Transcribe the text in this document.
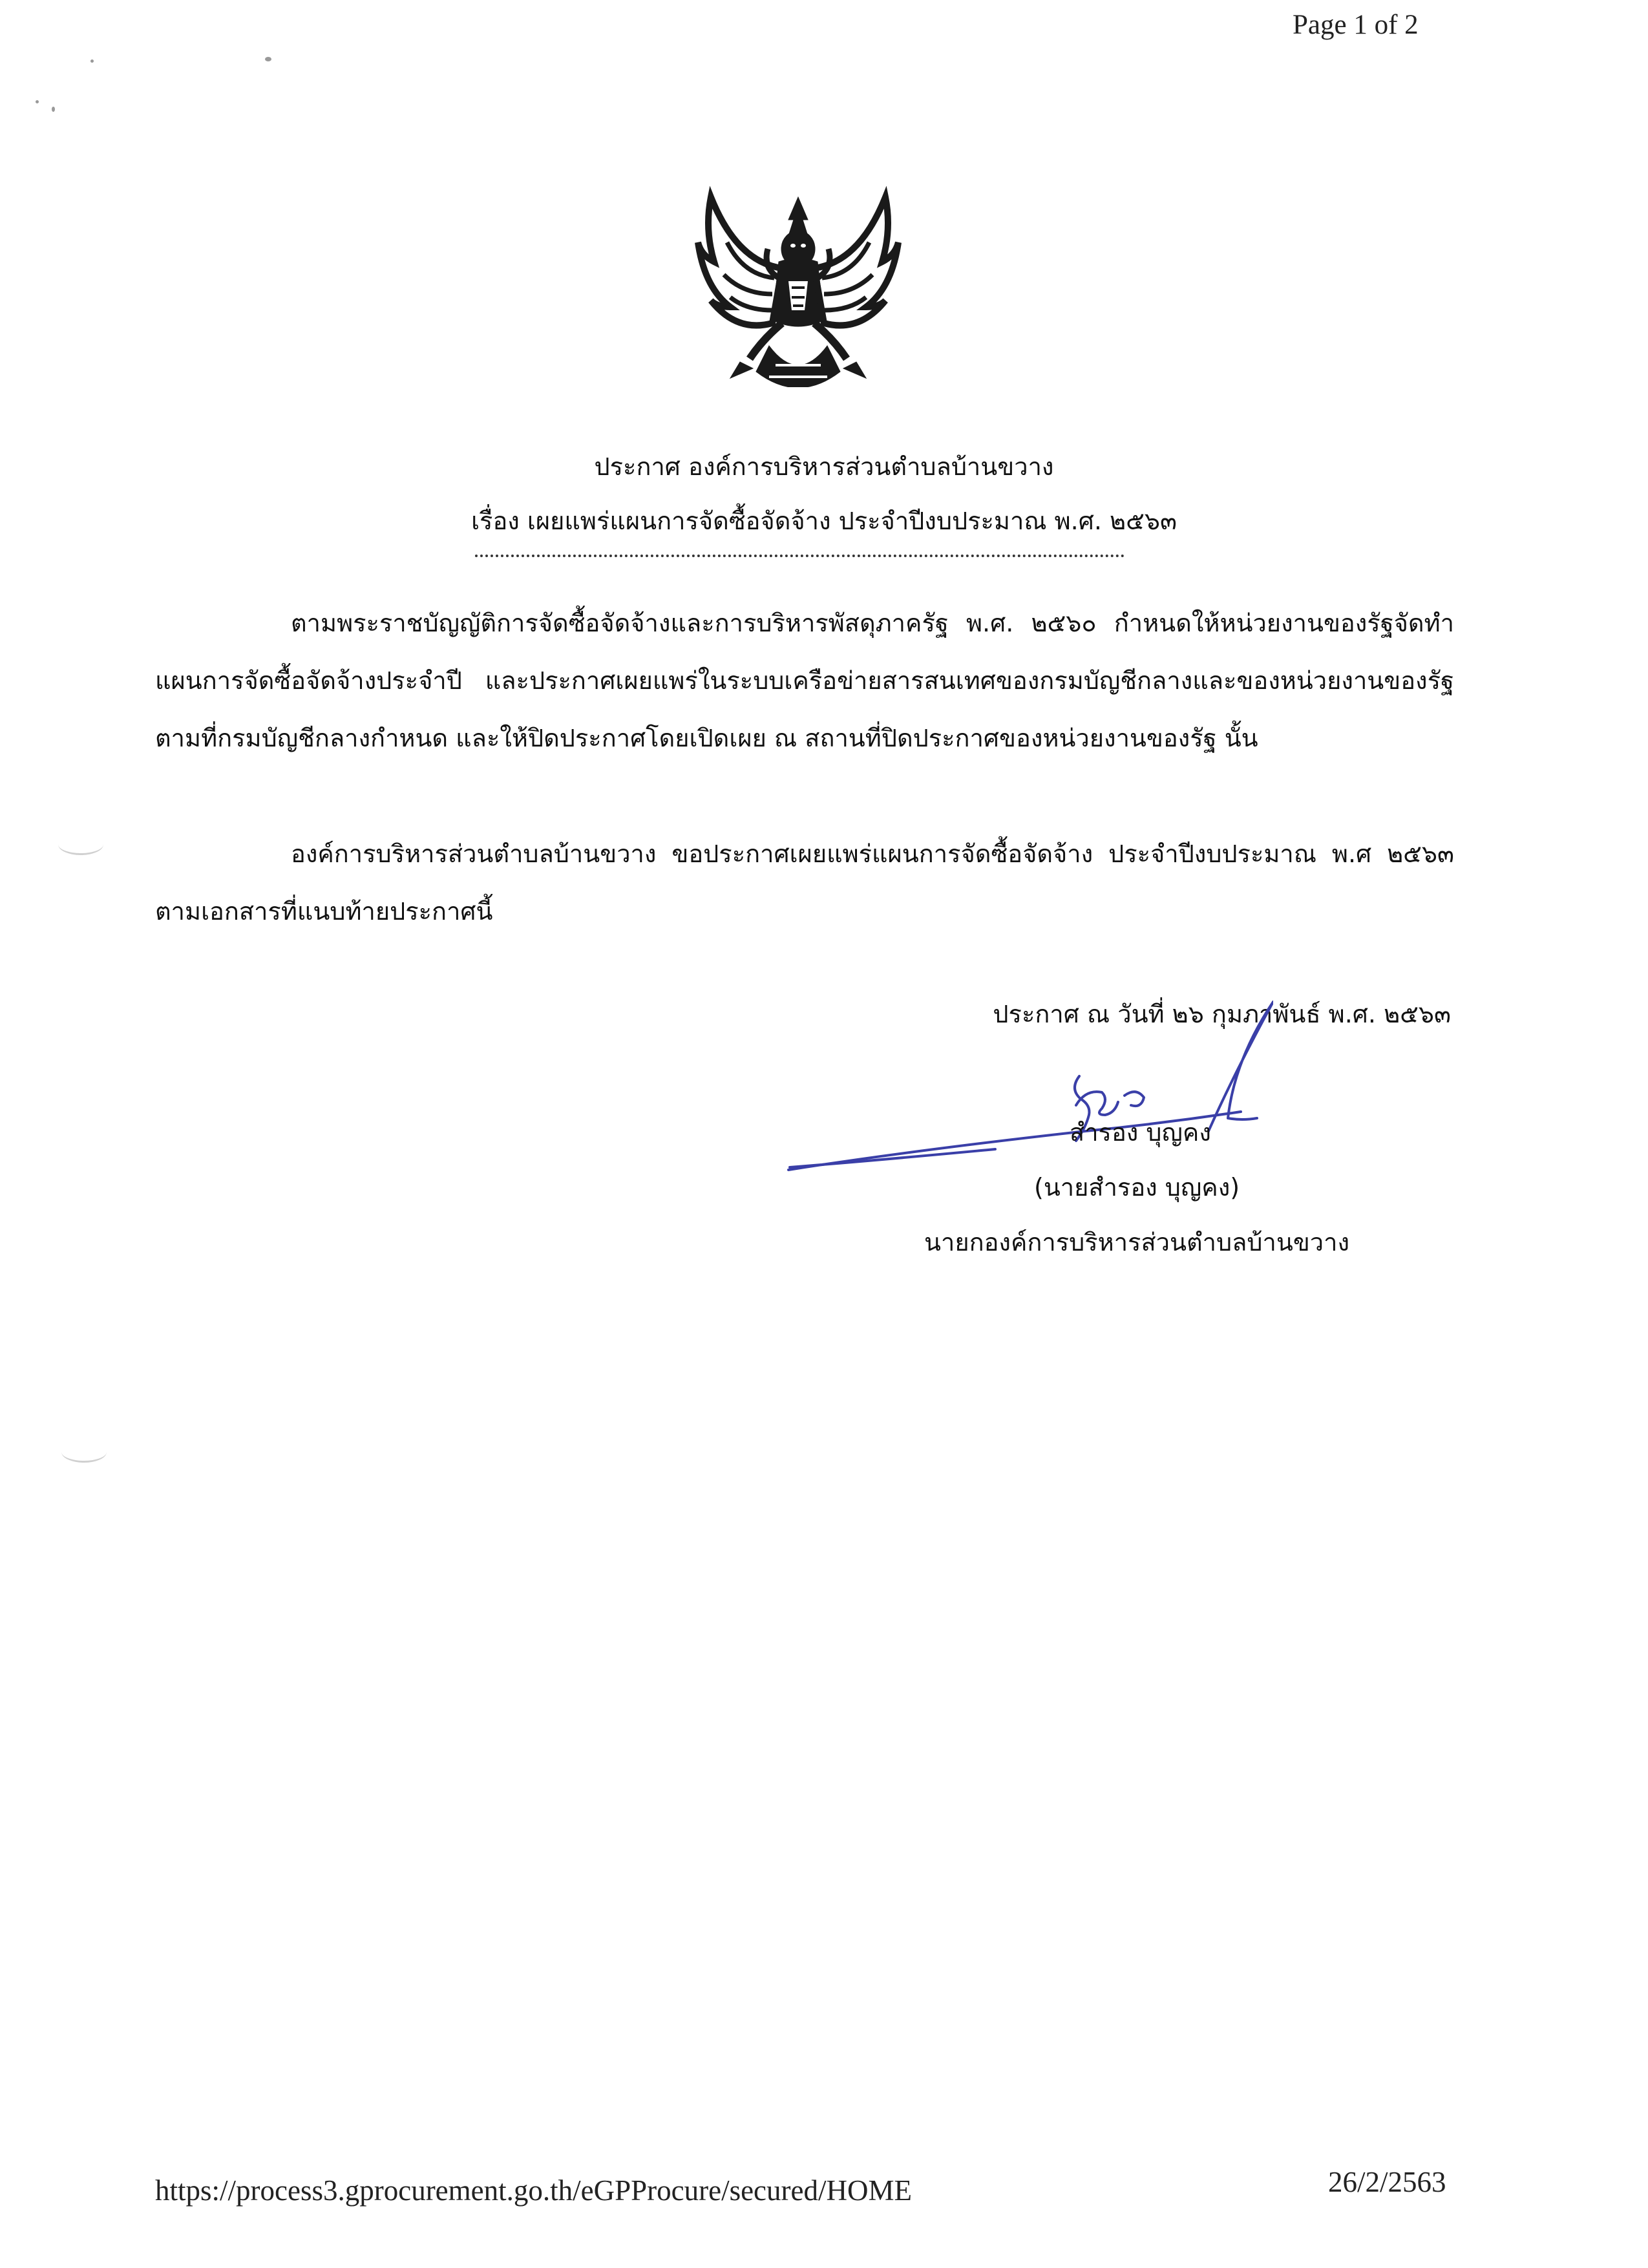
Page 1 of 2
ประกาศ องค์การบริหารส่วนตำบลบ้านขวาง
เรื่อง เผยแพร่แผนการจัดซื้อจัดจ้าง ประจำปีงบประมาณ พ.ศ. ๒๕๖๓
ตามพระราชบัญญัติการจัดซื้อจัดจ้างและการบริหารพัสดุภาครัฐ พ.ศ. ๒๕๖๐ กำหนดให้หน่วยงานของรัฐจัดทำแผนการจัดซื้อจัดจ้างประจำปี และประกาศเผยแพร่ในระบบเครือข่ายสารสนเทศของกรมบัญชีกลางและของหน่วยงานของรัฐตามที่กรมบัญชีกลางกำหนด และให้ปิดประกาศโดยเปิดเผย ณ สถานที่ปิดประกาศของหน่วยงานของรัฐ นั้น
องค์การบริหารส่วนตำบลบ้านขวาง ขอประกาศเผยแพร่แผนการจัดซื้อจัดจ้าง ประจำปีงบประมาณ พ.ศ ๒๕๖๓ ตามเอกสารที่แนบท้ายประกาศนี้
ประกาศ ณ วันที่ ๒๖ กุมภาพันธ์ พ.ศ. ๒๕๖๓
สำรอง บุญคง
(นายสำรอง บุญคง)
นายกองค์การบริหารส่วนตำบลบ้านขวาง
https://process3.gprocurement.go.th/eGPProcure/secured/HOME	26/2/2563
